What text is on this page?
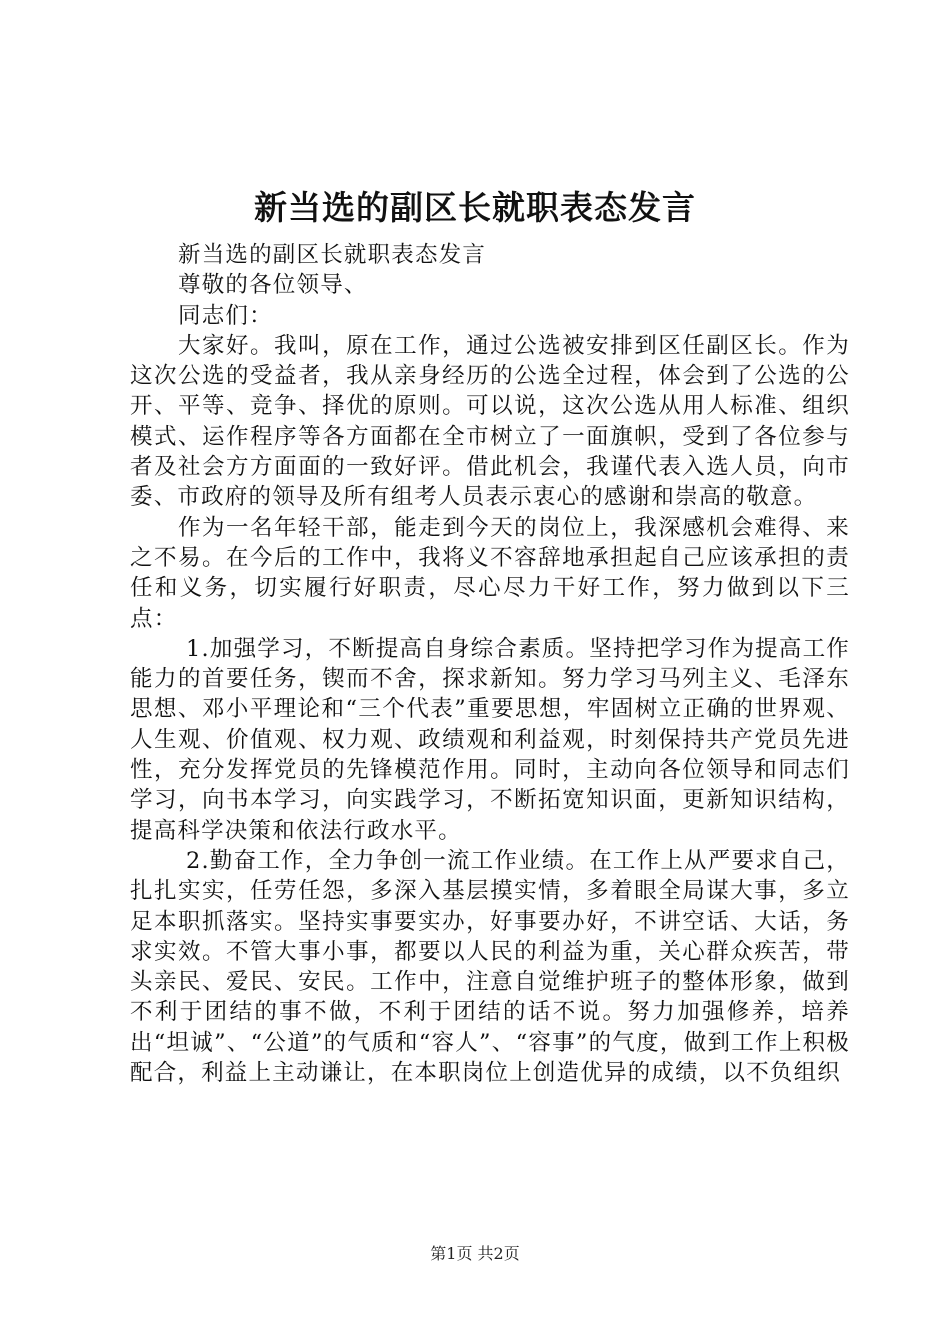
新当选的副区长就职表态发言

新当选的副区长就职表态发言

尊敬的各位领导、

同志们：

大家好。我叫，原在工作，通过公选被安排到区任副区长。作为这次公选的受益者，我从亲身经历的公选全过程，体会到了公选的公开、平等、竞争、择优的原则。可以说，这次公选从用人标准、组织模式、运作程序等各方面都在全市树立了一面旗帜，受到了各位参与者及社会方方面面的一致好评。借此机会，我谨代表入选人员，向市委、市政府的领导及所有组考人员表示衷心的感谢和崇高的敬意。

作为一名年轻干部，能走到今天的岗位上，我深感机会难得、来之不易。在今后的工作中，我将义不容辞地承担起自己应该承担的责任和义务，切实履行好职责，尽心尽力干好工作，努力做到以下三点：

1.加强学习，不断提高自身综合素质。坚持把学习作为提高工作能力的首要任务，锲而不舍，探求新知。努力学习马列主义、毛泽东思想、邓小平理论和“三个代表”重要思想，牢固树立正确的世界观、人生观、价值观、权力观、政绩观和利益观，时刻保持共产党员先进性，充分发挥党员的先锋模范作用。同时，主动向各位领导和同志们学习，向书本学习，向实践学习，不断拓宽知识面，更新知识结构，提高科学决策和依法行政水平。

2.勤奋工作，全力争创一流工作业绩。在工作上从严要求自己，扎扎实实，任劳任怨，多深入基层摸实情，多着眼全局谋大事，多立足本职抓落实。坚持实事要实办，好事要办好，不讲空话、大话，务求实效。不管大事小事，都要以人民的利益为重，关心群众疾苦，带头亲民、爱民、安民。工作中，注意自觉维护班子的整体形象，做到不利于团结的事不做，不利于团结的话不说。努力加强修养，培养出“坦诚”、“公道”的气质和“容人”、“容事”的气度，做到工作上积极配合，利益上主动谦让，在本职岗位上创造优异的成绩，以不负组织

第1页 共2页
